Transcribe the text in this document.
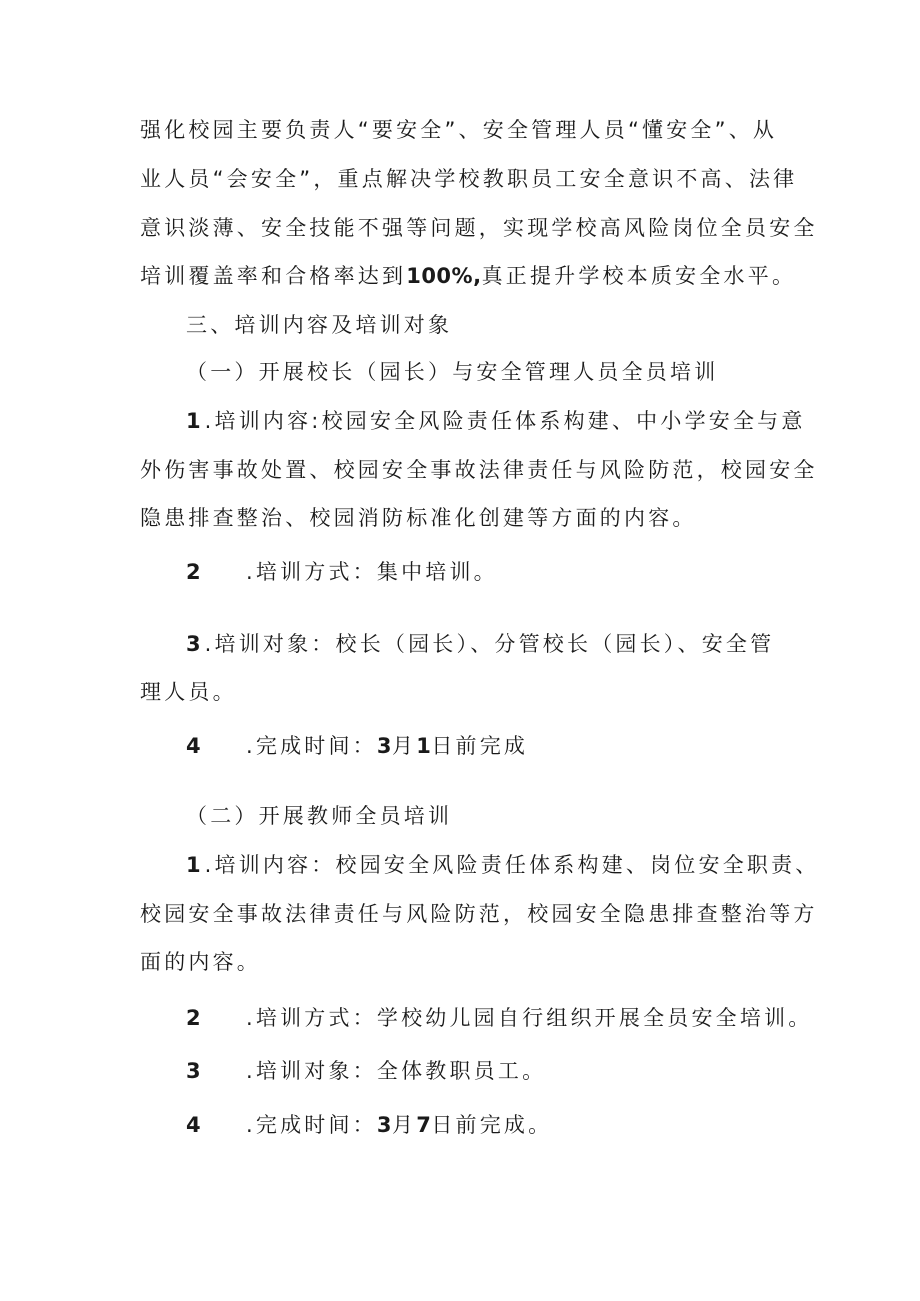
强化校园主要负责人“要安全”、安全管理人员“懂安全”、从
业人员“会安全”，重点解决学校教职员工安全意识不高、法律
意识淡薄、安全技能不强等问题，实现学校高风险岗位全员安全
培训覆盖率和合格率达到100%,真正提升学校本质安全水平。
三、培训内容及培训对象
（一）开展校长（园长）与安全管理人员全员培训
1 .培训内容:校园安全风险责任体系构建、中小学安全与意
外伤害事故处置、校园安全事故法律责任与风险防范，校园安全
隐患排查整治、校园消防标准化创建等方面的内容。
2 .培训方式：集中培训。
3 .培训对象：校长（园长）、分管校长（园长）、安全管
理人员。
4 .完成时间：3月1日前完成
（二）开展教师全员培训
1 .培训内容：校园安全风险责任体系构建、岗位安全职责、
校园安全事故法律责任与风险防范，校园安全隐患排查整治等方
面的内容。
2 .培训方式：学校幼儿园自行组织开展全员安全培训。
3 .培训对象：全体教职员工。
4 .完成时间：3月7日前完成。
